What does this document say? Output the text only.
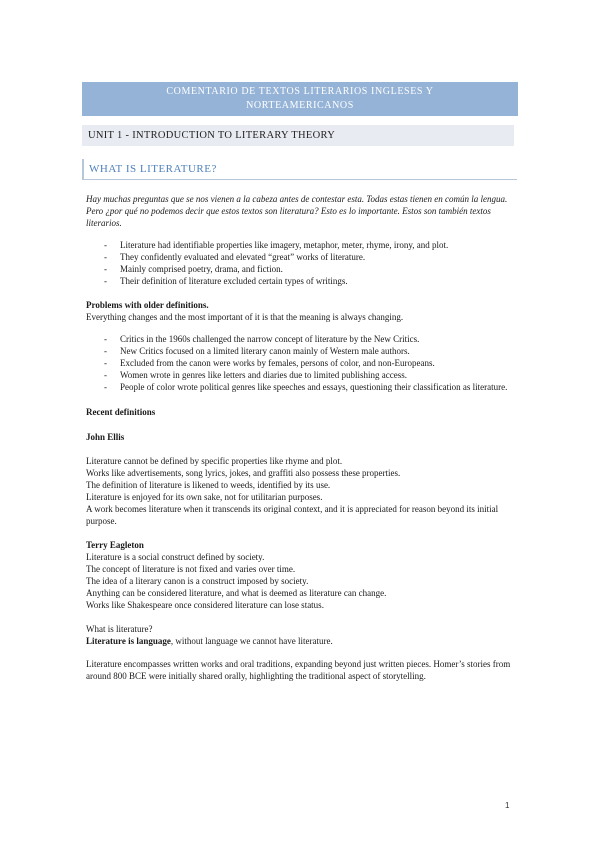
COMENTARIO DE TEXTOS LITERARIOS INGLESES Y
NORTEAMERICANOS
UNIT 1 - INTRODUCTION TO LITERARY THEORY
WHAT IS LITERATURE?

Hay muchas preguntas que se nos vienen a la cabeza antes de contestar esta. Todas estas tienen en común la lengua. Pero ¿por qué no podemos decir que estos textos son literatura? Esto es lo importante. Estos son también textos literarios.

- Literature had identifiable properties like imagery, metaphor, meter, rhyme, irony, and plot.
- They confidently evaluated and elevated “great” works of literature.
- Mainly comprised poetry, drama, and fiction.
- Their definition of literature excluded certain types of writings.

Problems with older definitions.

Everything changes and the most important of it is that the meaning is always changing.

- Critics in the 1960s challenged the narrow concept of literature by the New Critics.
- New Critics focused on a limited literary canon mainly of Western male authors.
- Excluded from the canon were works by females, persons of color, and non-Europeans.
- Women wrote in genres like letters and diaries due to limited publishing access.
- People of color wrote political genres like speeches and essays, questioning their classification as literature.

Recent definitions

John Ellis

Literature cannot be defined by specific properties like rhyme and plot.

Works like advertisements, song lyrics, jokes, and graffiti also possess these properties.

The definition of literature is likened to weeds, identified by its use.

Literature is enjoyed for its own sake, not for utilitarian purposes.

A work becomes literature when it transcends its original context, and it is appreciated for reason beyond its initial purpose.

Terry Eagleton

Literature is a social construct defined by society.

The concept of literature is not fixed and varies over time.

The idea of a literary canon is a construct imposed by society.

Anything can be considered literature, and what is deemed as literature can change.

Works like Shakespeare once considered literature can lose status.

What is literature?

Literature is language, without language we cannot have literature.

Literature encompasses written works and oral traditions, expanding beyond just written pieces. Homer’s stories from around 800 BCE were initially shared orally, highlighting the traditional aspect of storytelling.

1
